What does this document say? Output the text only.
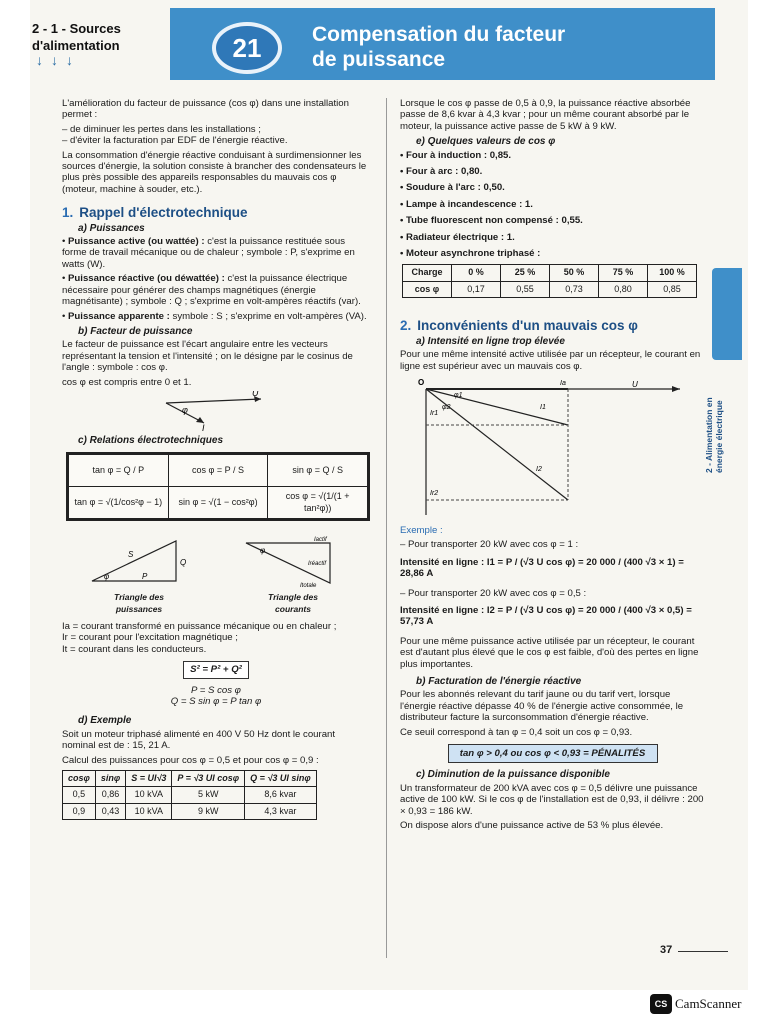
2 - 1 - Sources
d'alimentation
↓↓↓	21	Compensation du facteur
de puissance

L'amélioration du facteur de puissance (cos φ) dans une installation permet :

– de diminuer les pertes dans les installations ;

– d'éviter la facturation par EDF de l'énergie réactive.

La consommation d'énergie réactive conduisant à surdimensionner les sources d'énergie, la solution consiste à brancher des condensateurs le plus près possible des appareils responsables du mauvais cos φ (moteur, machine à souder, etc.).

1. Rappel d'électrotechnique
a) Puissances

• Puissance active (ou wattée) : c'est la puissance restituée sous forme de travail mécanique ou de chaleur ; symbole : P, s'exprime en watts (W).

• Puissance réactive (ou déwattée) : c'est la puissance électrique nécessaire pour générer des champs magnétiques (énergie magnétisante) ; symbole : Q ; s'exprime en volt-ampères réactifs (var).

• Puissance apparente : symbole : S ; s'exprime en volt-ampères (VA).

b) Facteur de puissance

Le facteur de puissance est l'écart angulaire entre les vecteurs représentant la tension et l'intensité ; on le désigne par le cosinus de l'angle : symbole : cos φ.

cos φ est compris entre 0 et 1.

U
φ
I
c) Relations électrotechniques
tan φ = Q / P	cos φ = P / S	sin φ = Q / S
tan φ = √(1/cos²φ − 1)	sin φ = √(1 − cos²φ)	cos φ = √(1/(1 + tan²φ))
S
Q
P
φ
Triangle des puissances
Iactif
Iréactif
Itotale
φ
Triangle des courants

Ia = courant transformé en puissance mécanique ou en chaleur ;

Ir = courant pour l'excitation magnétique ;

It = courant dans les conducteurs.

S² = P² + Q²
P = S cos φ
Q = S sin φ = P tan φ
d) Exemple

Soit un moteur triphasé alimenté en 400 V 50 Hz dont le courant nominal est de : 15, 21 A.

Calcul des puissances pour cos φ = 0,5 et pour cos φ = 0,9 :

cosφ	sinφ	S = UI√3	P = √3 UI cosφ	Q = √3 UI sinφ
0,5	0,86	10 kVA	5 kW	8,6 kvar
0,9	0,43	10 kVA	9 kW	4,3 kvar

Lorsque le cos φ passe de 0,5 à 0,9, la puissance réactive absorbée passe de 8,6 kvar à 4,3 kvar ; pour un même courant absorbé par le moteur, la puissance active passe de 5 kW à 9 kW.

e) Quelques valeurs de cos φ
• Four à induction : 0,85.
• Four à arc : 0,80.
• Soudure à l'arc : 0,50.
• Lampe à incandescence : 1.
• Tube fluorescent non compensé : 0,55.
• Radiateur électrique : 1.
• Moteur asynchrone triphasé :
Charge	0 %	25 %	50 %	75 %	100 %
cos φ	0,17	0,55	0,73	0,80	0,85
2. Inconvénients d'un mauvais cos φ
a) Intensité en ligne trop élevée

Pour une même intensité active utilisée par un récepteur, le courant en ligne est supérieur avec un mauvais cos φ.

O	U
Ia
I1
I2
Ir1
Ir2
φ1
φ2

Exemple :

– Pour transporter 20 kW avec cos φ = 1 :

Intensité en ligne : I1 = P / (√3 U cos φ) = 20 000 / (400 √3 × 1) = 28,86 A

– Pour transporter 20 kW avec cos φ = 0,5 :

Intensité en ligne : I2 = P / (√3 U cos φ) = 20 000 / (400 √3 × 0,5) = 57,73 A

Pour une même puissance active utilisée par un récepteur, le courant est d'autant plus élevé que le cos φ est faible, d'où des pertes en ligne plus importantes.

b) Facturation de l'énergie réactive

Pour les abonnés relevant du tarif jaune ou du tarif vert, lorsque l'énergie réactive dépasse 40 % de l'énergie active consommée, le distributeur facture la surconsommation d'énergie réactive.

Ce seuil correspond à tan φ = 0,4 soit un cos φ = 0,93.

tan φ > 0,4 ou cos φ < 0,93 = PÉNALITÉS
c) Diminution de la puissance disponible

Un transformateur de 200 kVA avec cos φ = 0,5 délivre une puissance active de 100 kW. Si le cos φ de l'installation est de 0,93, il délivre : 200 × 0,93 = 186 kW.

On dispose alors d'une puissance active de 53 % plus élevée.

2 - Alimentation en énergie électrique
37
CS CamScanner
